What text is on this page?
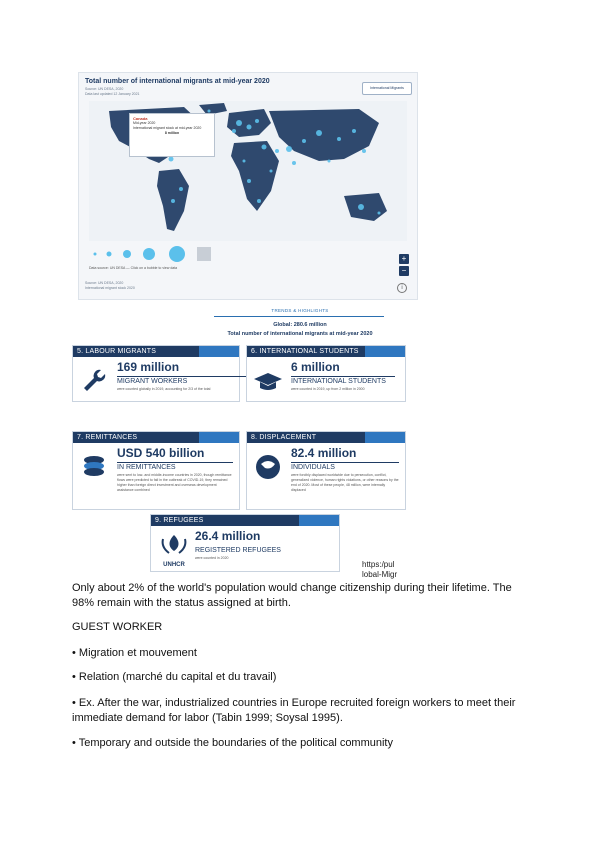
Total number of international migrants at mid-year 2020
Source: UN DESA, 2020
Data last updated 12 January 2021
International Migrants
Canada
Mid-year 2020
International migrant stock at mid-year 2020
8 million
Data source: UN DESA — Click on a bubble to view data
+
−
Source: UN DESA, 2020
International migrant stock 2020	i
TRENDS & HIGHLIGHTS
Global: 280.6 million
Total number of international migrants at mid-year 2020
5. LABOUR MIGRANTS
169 million
MIGRANT WORKERS
were counted globally in 2019, accounting for 2/3 of the total
6. INTERNATIONAL STUDENTS
6 million
INTERNATIONAL STUDENTS
were counted in 2019, up from 2 million in 2000
7. REMITTANCES
USD 540 billion
IN REMITTANCES
were sent to low- and middle-income countries in 2020, though remittance flows were predicted to fall in the outbreak of COVID-19, they remained higher than foreign direct investment and overseas development assistance combined
8. DISPLACEMENT
82.4 million
INDIVIDUALS
were forcibly displaced worldwide due to persecution, conflict, generalized violence, human rights violations, or other reasons by the end of 2020. Most of these people, 48 million, were internally displaced
9. REFUGEES
UNHCR
26.4 million
REGISTERED REFUGEES
were counted in 2020
https:/pul
lobal-Migr
Only about 2% of the world's population would change citizenship during their lifetime. The 98% remain with the status assigned at birth.
GUEST WORKER
• Migration et mouvement
• Relation (marché du capital et du travail)
• Ex. After the war, industrialized countries in Europe recruited foreign workers to meet their immediate demand for labor (Tabin 1999; Soysal 1995).
• Temporary and outside the boundaries of the political community
